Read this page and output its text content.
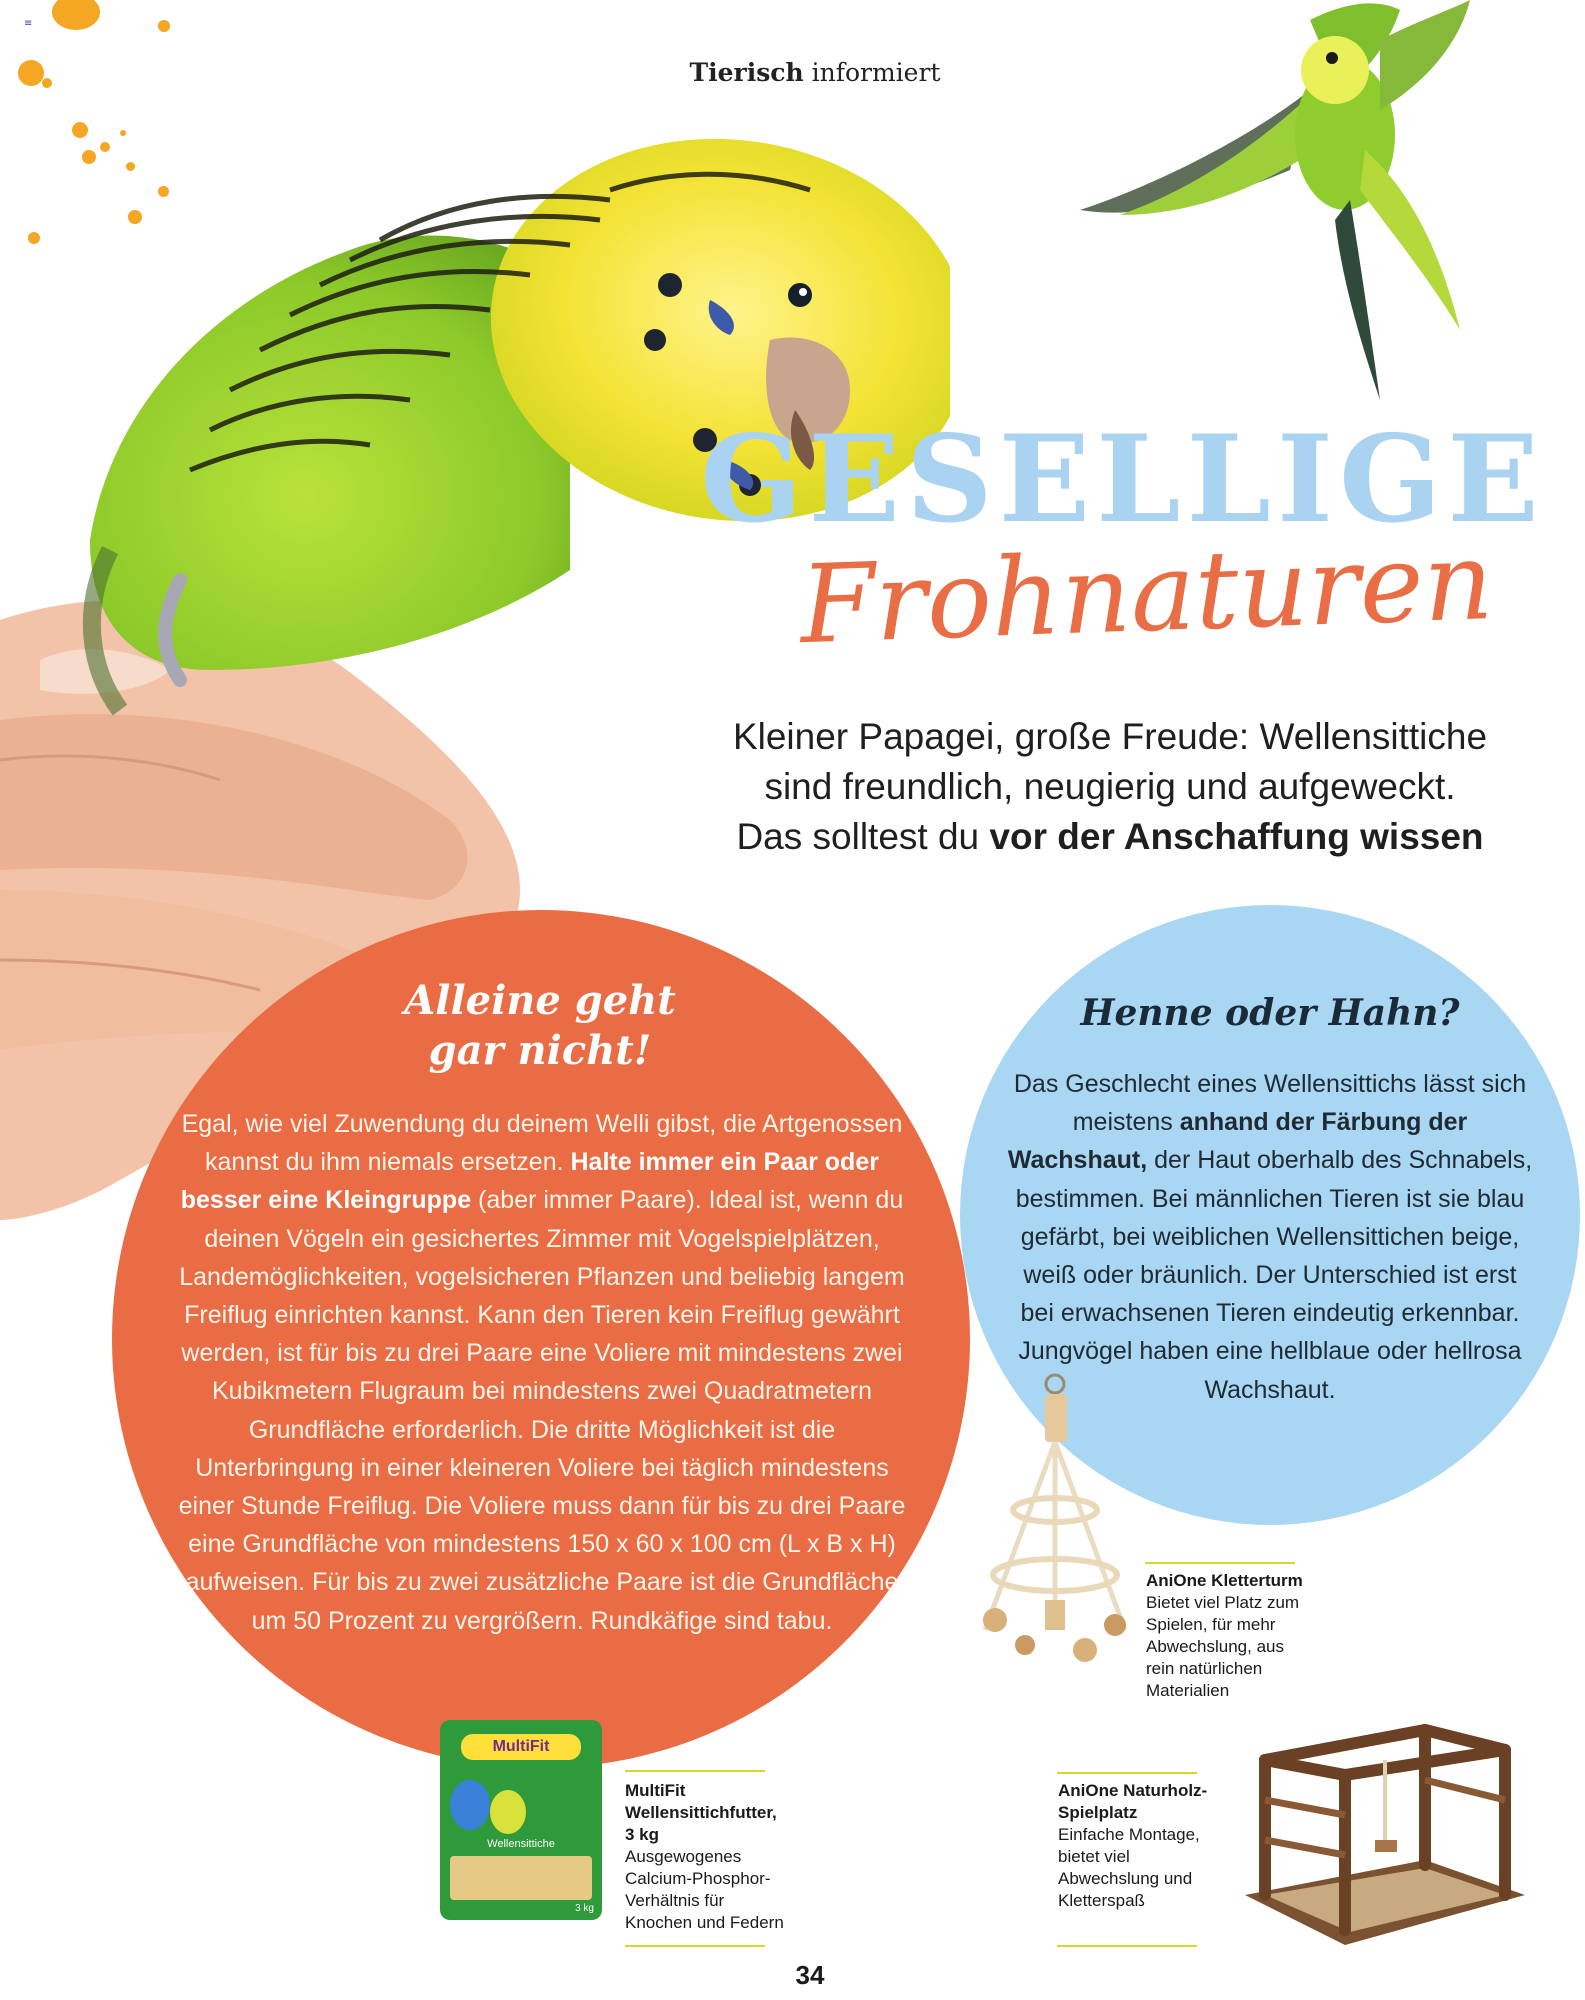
≡
Tierisch informiert
GESELLIGE
Frohnaturen
Kleiner Papagei, große Freude: Wellensittiche
sind freundlich, neugierig und aufgeweckt.
Das solltest du vor der Anschaffung wissen
Alleine geht
gar nicht!
Egal, wie viel Zuwendung du deinem Welli gibst, die Artgenossen kannst du ihm niemals ersetzen. Halte immer ein Paar oder besser eine Kleingruppe (aber immer Paare). Ideal ist, wenn du deinen Vögeln ein gesichertes Zimmer mit Vogelspielplätzen, Landemöglichkeiten, vogelsicheren Pflanzen und beliebig langem Freiflug einrichten kannst. Kann den Tieren kein Freiflug gewährt werden, ist für bis zu drei Paare eine Voliere mit mindestens zwei Kubikmetern Flugraum bei mindestens zwei Quadratmetern Grundfläche erforderlich. Die dritte Möglichkeit ist die Unterbringung in einer kleineren Voliere bei täglich mindestens einer Stunde Freiflug. Die Voliere muss dann für bis zu drei Paare eine Grundfläche von mindestens 150 x 60 x 100 cm (L x B x H) aufweisen. Für bis zu zwei zusätzliche Paare ist die Grundfläche um 50 Prozent zu vergrößern. Rundkäfige sind tabu.
Henne oder Hahn?
Das Geschlecht eines Wellensittichs lässt sich meistens anhand der Färbung der Wachshaut, der Haut oberhalb des Schnabels, bestimmen. Bei männlichen Tieren ist sie blau gefärbt, bei weiblichen Wellensittichen beige, weiß oder bräunlich. Der Unterschied ist erst bei erwachsenen Tieren eindeutig erkennbar. Jungvögel haben eine hellblaue oder hellrosa Wachshaut.
AniOne Kletterturm
Bietet viel Platz zum Spielen, für mehr Abwechslung, aus rein natürlichen Materialien
MultiFit
Wellensittiche
3 kg
MultiFit Wellensittichfutter, 3 kg
Ausgewogenes Calcium-Phosphor-Verhältnis für Knochen und Federn
AniOne Naturholz-Spielplatz
Einfache Montage, bietet viel Abwechslung und Kletterspaß
34
